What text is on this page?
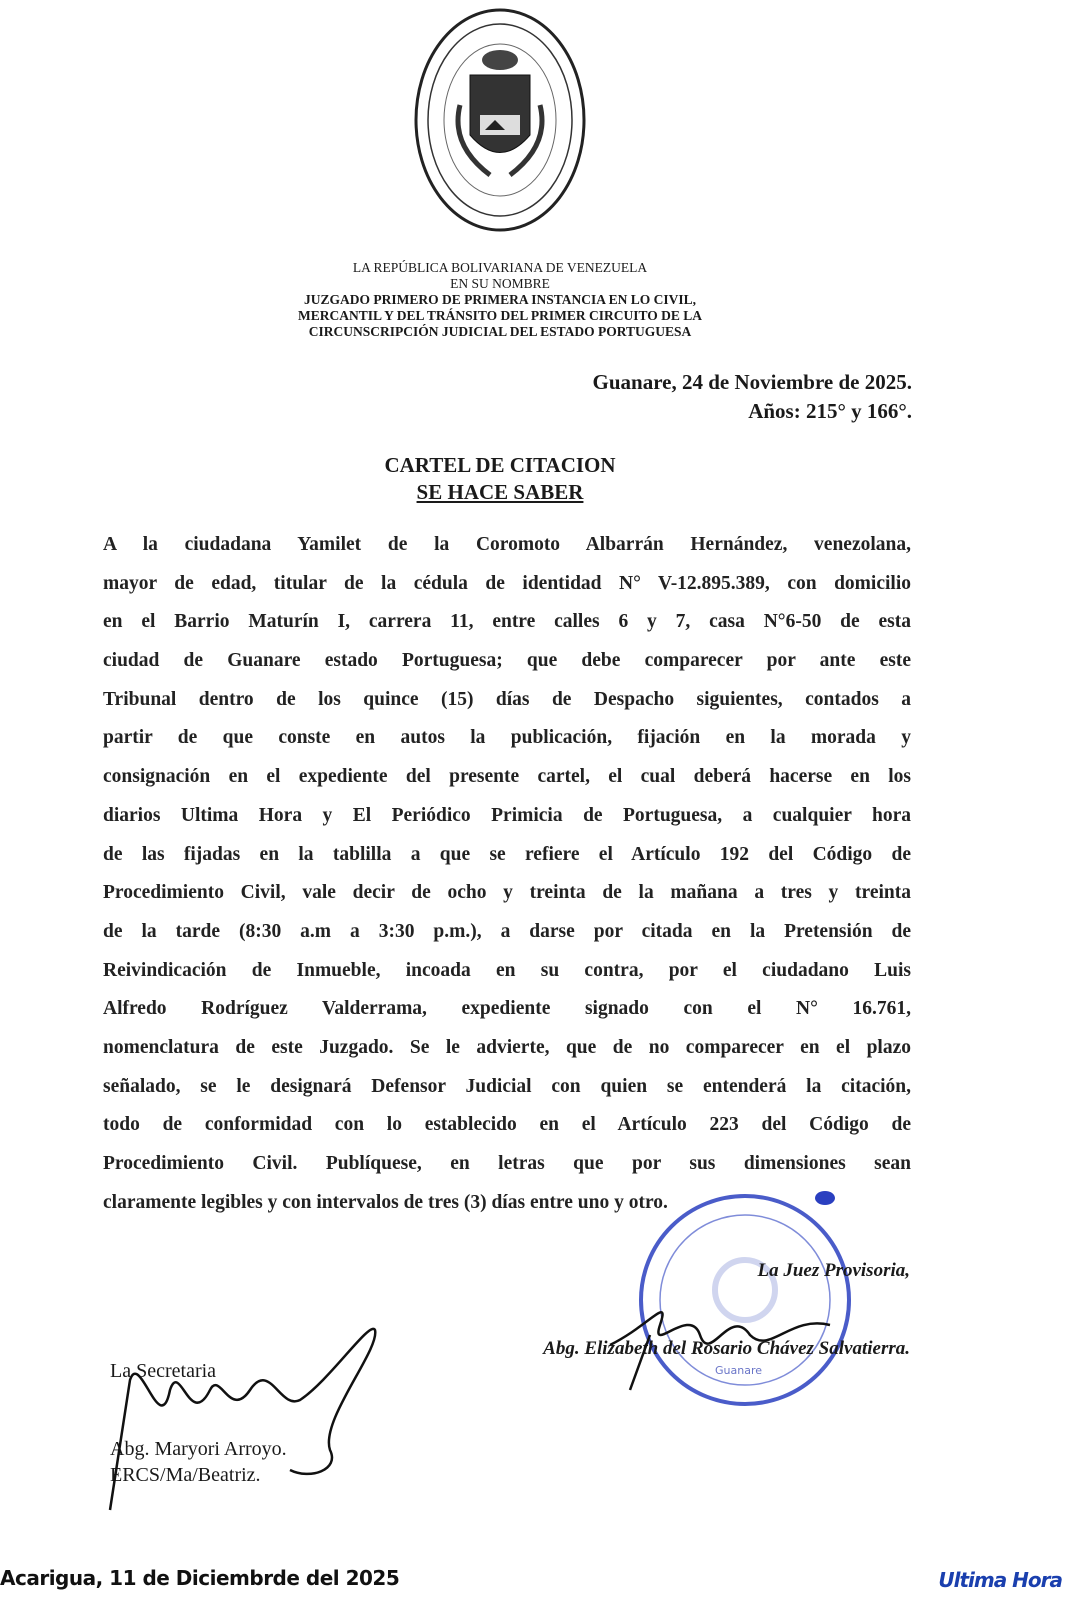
LA REPÚBLICA BOLIVARIANA DE VENEZUELA
EN SU NOMBRE
JUZGADO PRIMERO DE PRIMERA INSTANCIA EN LO CIVIL,
MERCANTIL Y DEL TRÁNSITO DEL PRIMER CIRCUITO DE LA
CIRCUNSCRIPCIÓN JUDICIAL DEL ESTADO PORTUGUESA
Guanare, 24 de Noviembre de 2025.
Años: 215° y 166°.
CARTEL DE CITACION
SE HACE SABER
A la ciudadana Yamilet de la Coromoto Albarrán Hernández, venezolana,
mayor de edad, titular de la cédula de identidad N° V-12.895.389, con domicilio
en el Barrio Maturín I, carrera 11, entre calles 6 y 7, casa N°6-50 de esta
ciudad de Guanare estado Portuguesa; que debe comparecer por ante este
Tribunal dentro de los quince (15) días de Despacho siguientes, contados a
partir de que conste en autos la publicación, fijación en la morada y
consignación en el expediente del presente cartel, el cual deberá hacerse en los
diarios Ultima Hora y El Periódico Primicia de Portuguesa, a cualquier hora
de las fijadas en la tablilla a que se refiere el Artículo 192 del Código de
Procedimiento Civil, vale decir de ocho y treinta de la mañana a tres y treinta
de la tarde (8:30 a.m a 3:30 p.m.), a darse por citada en la Pretensión de
Reivindicación de Inmueble, incoada en su contra, por el ciudadano Luis
Alfredo Rodríguez Valderrama, expediente signado con el N° 16.761,
nomenclatura de este Juzgado. Se le advierte, que de no comparecer en el plazo
señalado, se le designará Defensor Judicial con quien se entenderá la citación,
todo de conformidad con lo establecido en el Artículo 223 del Código de
Procedimiento Civil. Publíquese, en letras que por sus dimensiones sean
claramente legibles y con intervalos de tres (3) días entre uno y otro.
Guanare
La Juez Provisoria,
Abg. Elizabeth del Rosario Chávez Salvatierra.
La Secretaria
Abg. Maryori Arroyo.
ERCS/Ma/Beatriz.
Acarigua, 11 de Diciembrde del 2025	Ultima Hora
